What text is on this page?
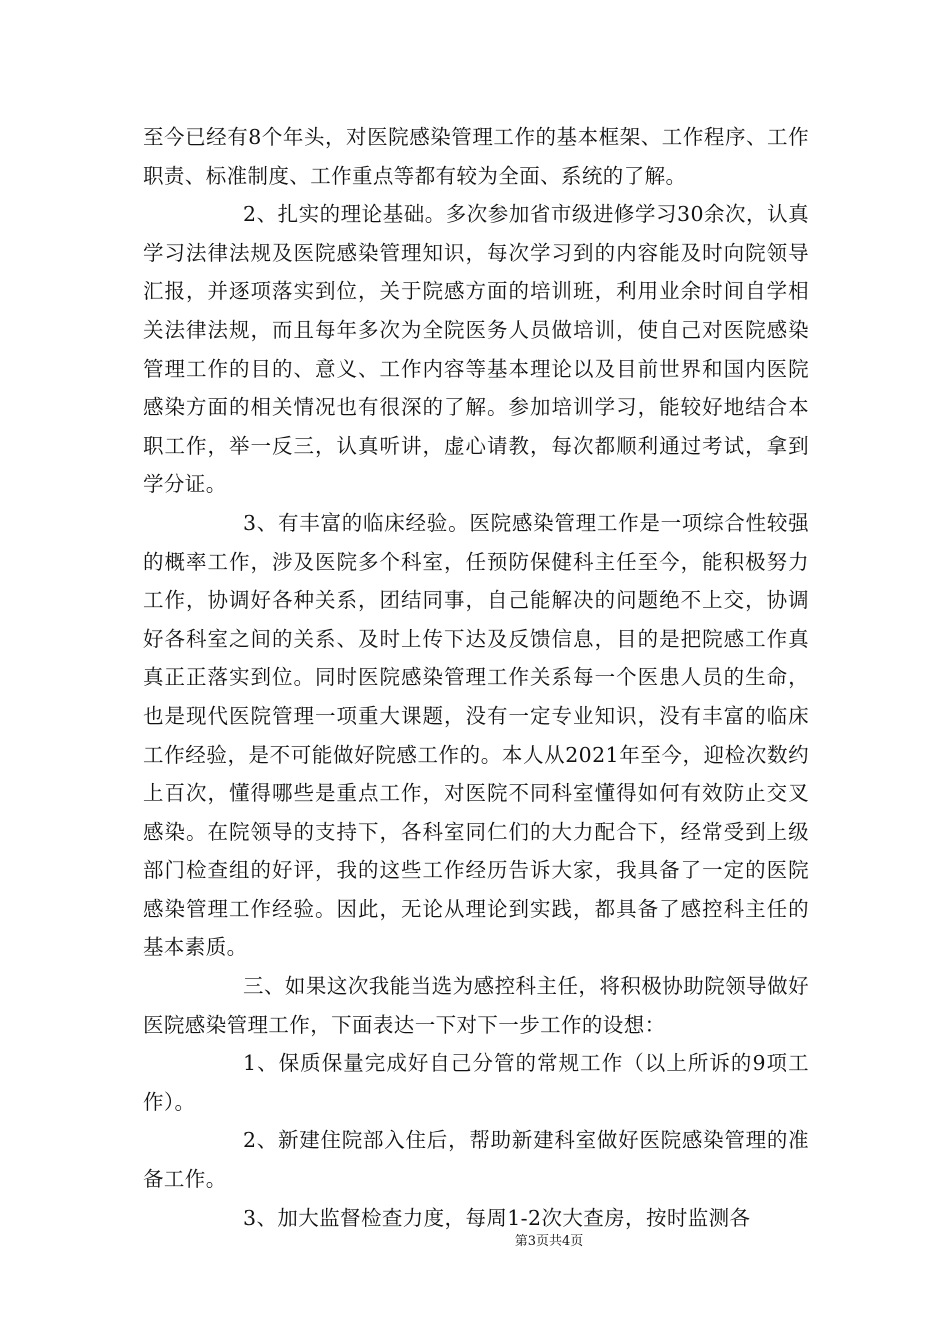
至今已经有8个年头，对医院感染管理工作的基本框架、工作程序、工作职责、标准制度、工作重点等都有较为全面、系统的了解。

2、扎实的理论基础。多次参加省市级进修学习30余次，认真学习法律法规及医院感染管理知识，每次学习到的内容能及时向院领导汇报，并逐项落实到位，关于院感方面的培训班，利用业余时间自学相关法律法规，而且每年多次为全院医务人员做培训，使自己对医院感染管理工作的目的、意义、工作内容等基本理论以及目前世界和国内医院感染方面的相关情况也有很深的了解。参加培训学习，能较好地结合本职工作，举一反三，认真听讲，虚心请教，每次都顺利通过考试，拿到学分证。

3、有丰富的临床经验。医院感染管理工作是一项综合性较强的概率工作，涉及医院多个科室，任预防保健科主任至今，能积极努力工作，协调好各种关系，团结同事，自己能解决的问题绝不上交，协调好各科室之间的关系、及时上传下达及反馈信息，目的是把院感工作真真正正落实到位。同时医院感染管理工作关系每一个医患人员的生命，也是现代医院管理一项重大课题，没有一定专业知识，没有丰富的临床工作经验，是不可能做好院感工作的。本人从2021年至今，迎检次数约上百次，懂得哪些是重点工作，对医院不同科室懂得如何有效防止交叉感染。在院领导的支持下，各科室同仁们的大力配合下，经常受到上级部门检查组的好评，我的这些工作经历告诉大家，我具备了一定的医院感染管理工作经验。因此，无论从理论到实践，都具备了感控科主任的基本素质。

三、如果这次我能当选为感控科主任，将积极协助院领导做好医院感染管理工作，下面表达一下对下一步工作的设想：

1、保质保量完成好自己分管的常规工作（以上所诉的9项工作）。

2、新建住院部入住后，帮助新建科室做好医院感染管理的准备工作。

3、加大监督检查力度，每周1-2次大查房，按时监测各

第3页共4页
